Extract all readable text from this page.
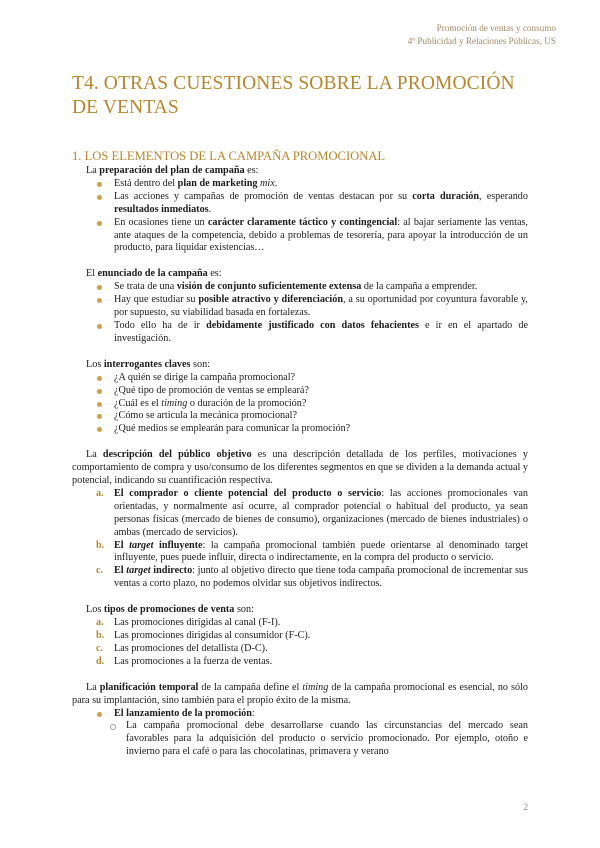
Promoción de ventas y consumo
4º Publicidad y Relaciones Públicas, US
T4. OTRAS CUESTIONES SOBRE LA PROMOCIÓN DE VENTAS
1. LOS ELEMENTOS DE LA CAMPAÑA PROMOCIONAL

La preparación del plan de campaña es:

Está dentro del plan de marketing mix.
Las acciones y campañas de promoción de ventas destacan por su corta duración, esperando resultados inmediatos.
En ocasiones tiene un carácter claramente táctico y contingencial: al bajar seriamente las ventas, ante ataques de la competencia, debido a problemas de tesorería, para apoyar la introducción de un producto, para liquidar existencias…

El enunciado de la campaña es:

Se trata de una visión de conjunto suficientemente extensa de la campaña a emprender.
Hay que estudiar su posible atractivo y diferenciación, a su oportunidad por coyuntura favorable y, por supuesto, su viabilidad basada en fortalezas.
Todo ello ha de ir debidamente justificado con datos fehacientes e ir en el apartado de investigación.

Los interrogantes claves son:

¿A quién se dirige la campaña promocional?
¿Qué tipo de promoción de ventas se empleará?
¿Cuál es el timing o duración de la promoción?
¿Cómo se articula la mecánica promocional?
¿Qué medios se emplearán para comunicar la promoción?

La descripción del público objetivo es una descripción detallada de los perfiles, motivaciones y comportamiento de compra y uso/consumo de los diferentes segmentos en que se dividen a la demanda actual y potencial, indicando su cuantificación respectiva.

a. El comprador o cliente potencial del producto o servicio: las acciones promocionales van orientadas, y normalmente así ocurre, al comprador potencial o habitual del producto, ya sean personas físicas (mercado de bienes de consumo), organizaciones (mercado de bienes industriales) o ambas (mercado de servicios).
b. El target influyente: la campaña promocional también puede orientarse al denominado target influyente, pues puede influir, directa o indirectamente, en la compra del producto o servicio.
c. El target indirecto: junto al objetivo directo que tiene toda campaña promocional de incrementar sus ventas a corto plazo, no podemos olvidar sus objetivos indirectos.

Los tipos de promociones de venta son:

a. Las promociones dirigidas al canal (F-I).
b. Las promociones dirigidas al consumidor (F-C).
c. Las promociones del detallista (D-C).
d. Las promociones a la fuerza de ventas.

La planificación temporal de la campaña define el timing de la campaña promocional es esencial, no sólo para su implantación, sino también para el propio éxito de la misma.

El lanzamiento de la promoción:
La campaña promocional debe desarrollarse cuando las circunstancias del mercado sean favorables para la adquisición del producto o servicio promocionado. Por ejemplo, otoño e invierno para el café o para las chocolatinas, primavera y verano
2
